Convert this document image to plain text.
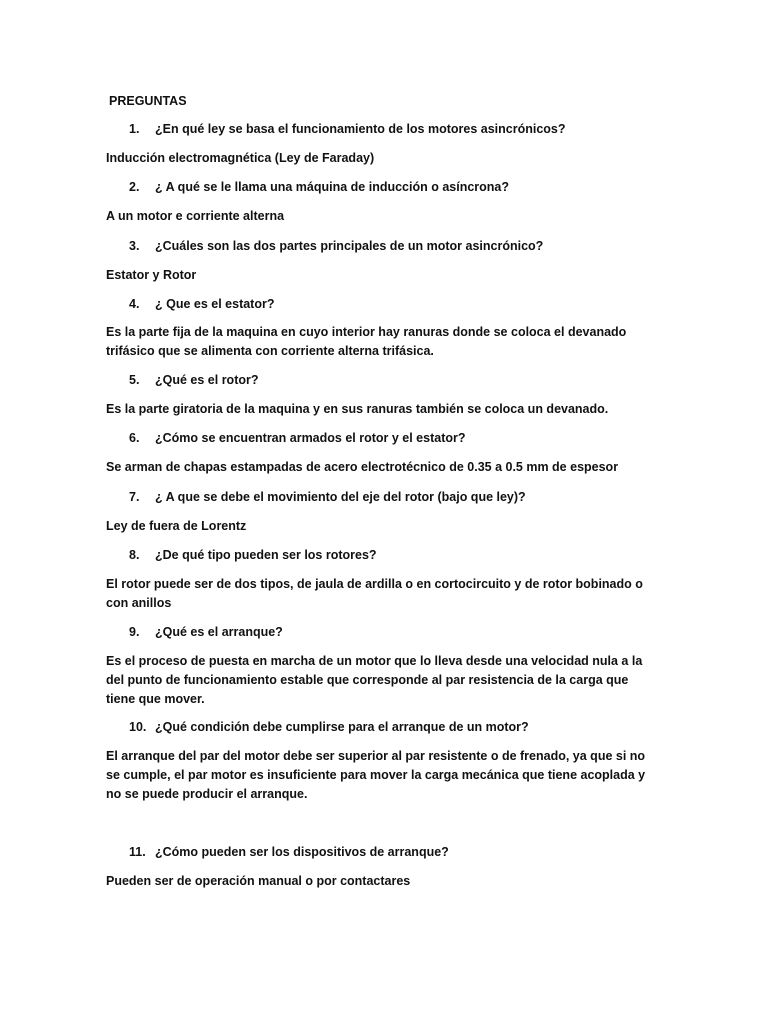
PREGUNTAS
1. ¿En qué ley se basa el funcionamiento de los motores asincrónicos?
Inducción electromagnética (Ley de Faraday)
2. ¿ A qué se le llama una máquina de inducción o asíncrona?
A un motor e corriente alterna
3. ¿Cuáles son las dos partes principales de un motor asincrónico?
Estator y Rotor
4. ¿ Que es el estator?
Es la parte fija de la maquina en cuyo interior hay ranuras donde se coloca el devanado trifásico que se alimenta con corriente alterna trifásica.
5. ¿Qué es el rotor?
Es la parte giratoria de la maquina y en sus ranuras también se coloca un devanado.
6. ¿Cómo se encuentran armados el rotor y el estator?
Se arman de chapas estampadas de acero electrotécnico de 0.35 a 0.5 mm de espesor
7. ¿ A que se debe el movimiento del eje del rotor (bajo que ley)?
Ley de fuera de Lorentz
8. ¿De qué tipo pueden ser los rotores?
El rotor puede ser de dos tipos, de jaula de ardilla o en cortocircuito y de rotor bobinado o con anillos
9. ¿Qué es el arranque?
Es el proceso de puesta en marcha de un motor que lo lleva desde una velocidad nula a la del punto de funcionamiento estable que corresponde al par resistencia de la carga que tiene que mover.
10. ¿Qué condición debe cumplirse para el arranque de un motor?
El arranque del par del motor debe ser superior al par resistente o de frenado, ya que si no se cumple, el par motor es insuficiente para mover la carga mecánica que tiene acoplada y no se puede producir el arranque.
11. ¿Cómo pueden ser los dispositivos de arranque?
Pueden ser de operación manual o por contactares
